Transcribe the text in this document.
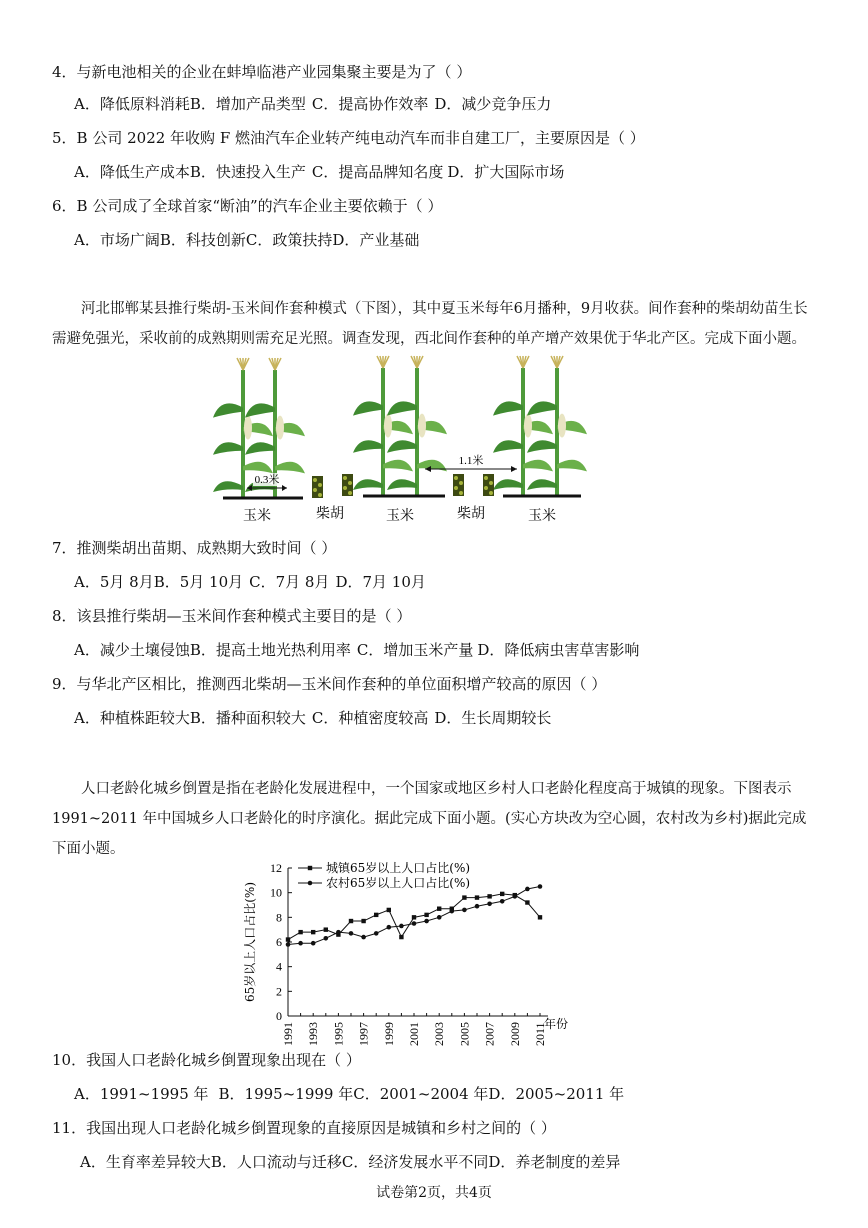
4．与新电池相关的企业在蚌埠临港产业园集聚主要是为了（ ）
A．降低原料消耗B．增加产品类型 C．提高协作效率 D．减少竞争压力
5．B 公司 2022 年收购 F 燃油汽车企业转产纯电动汽车而非自建工厂，主要原因是（ ）
A．降低生产成本B．快速投入生产 C．提高品牌知名度 D．扩大国际市场
6．B 公司成了全球首家“断油”的汽车企业主要依赖于（ ）
A．市场广阔B．科技创新C．政策扶持D．产业基础
河北邯郸某县推行柴胡-玉米间作套种模式（下图），其中夏玉米每年6月播种，9月收获。间作套种的柴胡幼苗生长需避免强光，采收前的成熟期则需充足光照。调查发现，西北间作套种的单产增产效果优于华北产区。完成下面小题。
0.3米
1.1米
玉米	柴胡	玉米	柴胡	玉米
7．推测柴胡出苗期、成熟期大致时间（ ）
A．5月 8月B．5月 10月 C．7月 8月 D．7月 10月
8．该县推行柴胡—玉米间作套种模式主要目的是（ ）
A．减少土壤侵蚀B．提高土地光热利用率 C．增加玉米产量 D．降低病虫害草害影响
9．与华北产区相比，推测西北柴胡—玉米间作套种的单位面积增产较高的原因（ ）
A．种植株距较大B．播种面积较大 C．种植密度较高 D．生长周期较长
人口老龄化城乡倒置是指在老龄化发展进程中，一个国家或地区乡村人口老龄化程度高于城镇的现象。下图表示 1991~2011 年中国城乡人口老龄化的时序演化。据此完成下面小题。(实心方块改为空心圆，农村改为乡村)据此完成下面小题。
0
2
4
6
8
10
12
1991 1993 1995 1997 1999 2001 2003 2005 2007 2009 2011
65岁以上人口占比(%)
年份
城镇65岁以上人口占比(%)
农村65岁以上人口占比(%)
10．我国人口老龄化城乡倒置现象出现在（ ）
A．1991~1995 年 B．1995~1999 年C．2001~2004 年D．2005~2011 年
11．我国出现人口老龄化城乡倒置现象的直接原因是城镇和乡村之间的（ ）
A．生育率差异较大B．人口流动与迁移C．经济发展水平不同D．养老制度的差异
试卷第2页，共4页
